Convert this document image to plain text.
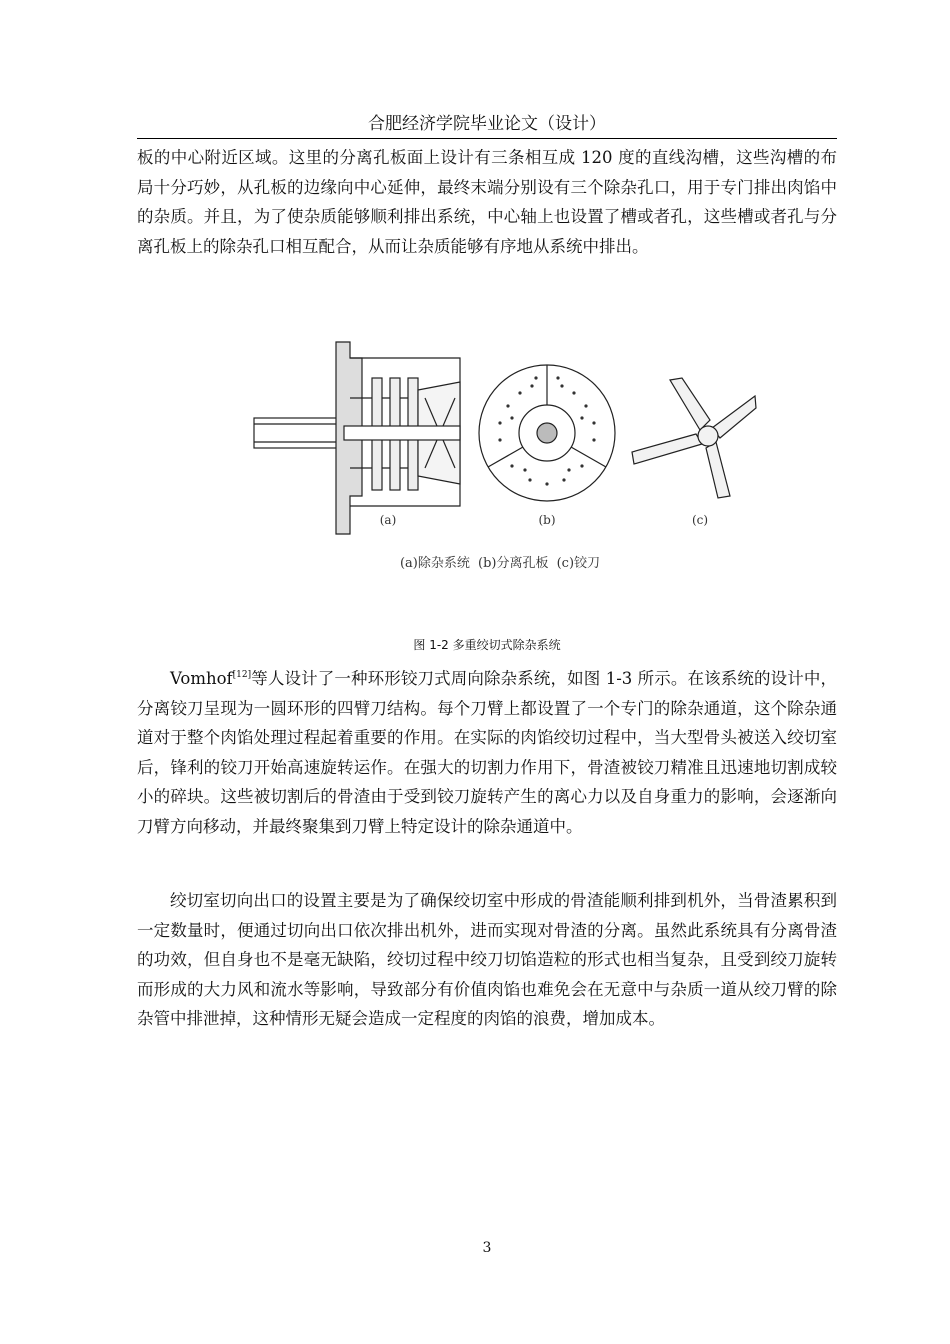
合肥经济学院毕业论文（设计）

板的中心附近区域。这里的分离孔板面上设计有三条相互成 120 度的直线沟槽，这些沟槽的布局十分巧妙，从孔板的边缘向中心延伸，最终末端分别设有三个除杂孔口，用于专门排出肉馅中的杂质。并且，为了使杂质能够顺利排出系统，中心轴上也设置了槽或者孔，这些槽或者孔与分离孔板上的除杂孔口相互配合，从而让杂质能够有序地从系统中排出。

(a)	(b)	(c)
(a)除杂系统 (b)分离孔板 (c)铰刀
图 1-2 多重绞切式除杂系统

Vomhof[12]等人设计了一种环形铰刀式周向除杂系统，如图 1-3 所示。在该系统的设计中，分离铰刀呈现为一圆环形的四臂刀结构。每个刀臂上都设置了一个专门的除杂通道，这个除杂通道对于整个肉馅处理过程起着重要的作用。在实际的肉馅绞切过程中，当大型骨头被送入绞切室后，锋利的铰刀开始高速旋转运作。在强大的切割力作用下，骨渣被铰刀精准且迅速地切割成较小的碎块。这些被切割后的骨渣由于受到铰刀旋转产生的离心力以及自身重力的影响，会逐渐向刀臂方向移动，并最终聚集到刀臂上特定设计的除杂通道中。

绞切室切向出口的设置主要是为了确保绞切室中形成的骨渣能顺利排到机外，当骨渣累积到一定数量时，便通过切向出口依次排出机外，进而实现对骨渣的分离。虽然此系统具有分离骨渣的功效，但自身也不是毫无缺陷，绞切过程中绞刀切馅造粒的形式也相当复杂，且受到绞刀旋转而形成的大力风和流水等影响，导致部分有价值肉馅也难免会在无意中与杂质一道从绞刀臂的除杂管中排泄掉，这种情形无疑会造成一定程度的肉馅的浪费，增加成本。

3
